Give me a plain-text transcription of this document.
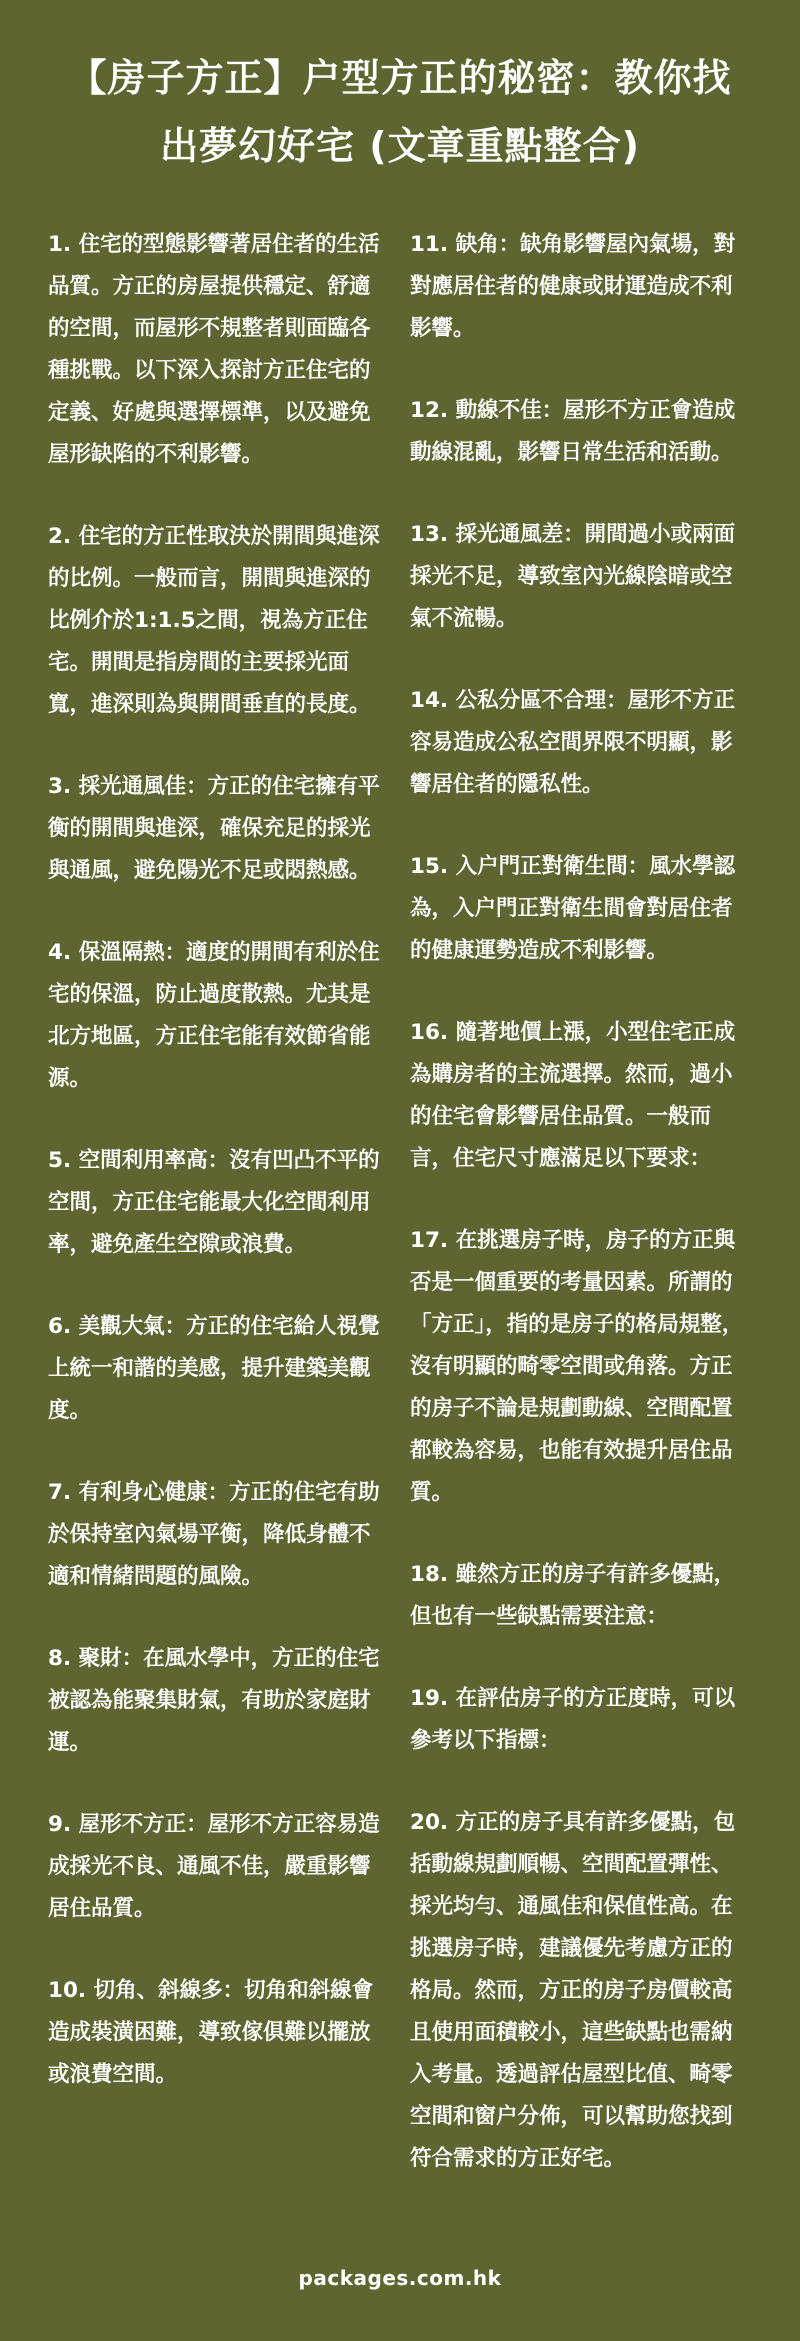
【房子方正】户型方正的秘密：教你找出夢幻好宅 (文章重點整合)

1. 住宅的型態影響著居住者的生活品質。方正的房屋提供穩定、舒適的空間，而屋形不規整者則面臨各種挑戰。以下深入探討方正住宅的定義、好處與選擇標準，以及避免屋形缺陷的不利影響。

2. 住宅的方正性取決於開間與進深的比例。一般而言，開間與進深的比例介於1:1.5之間，視為方正住宅。開間是指房間的主要採光面寬，進深則為與開間垂直的長度。

3. 採光通風佳：方正的住宅擁有平衡的開間與進深，確保充足的採光與通風，避免陽光不足或悶熱感。

4. 保溫隔熱：適度的開間有利於住宅的保溫，防止過度散熱。尤其是北方地區，方正住宅能有效節省能源。

5. 空間利用率高：沒有凹凸不平的空間，方正住宅能最大化空間利用率，避免產生空隙或浪費。

6. 美觀大氣：方正的住宅給人視覺上統一和諧的美感，提升建築美觀度。

7. 有利身心健康：方正的住宅有助於保持室內氣場平衡，降低身體不適和情緒問題的風險。

8. 聚財：在風水學中，方正的住宅被認為能聚集財氣，有助於家庭財運。

9. 屋形不方正：屋形不方正容易造成採光不良、通風不佳，嚴重影響居住品質。

10. 切角、斜線多：切角和斜線會造成裝潢困難，導致傢俱難以擺放或浪費空間。

11. 缺角：缺角影響屋內氣場，對對應居住者的健康或財運造成不利影響。

12. 動線不佳：屋形不方正會造成動線混亂，影響日常生活和活動。

13. 採光通風差：開間過小或兩面採光不足，導致室內光線陰暗或空氣不流暢。

14. 公私分區不合理：屋形不方正容易造成公私空間界限不明顯，影響居住者的隱私性。

15. 入户門正對衛生間：風水學認為，入户門正對衛生間會對居住者的健康運勢造成不利影響。

16. 隨著地價上漲，小型住宅正成為購房者的主流選擇。然而，過小的住宅會影響居住品質。一般而言，住宅尺寸應滿足以下要求：

17. 在挑選房子時，房子的方正與否是一個重要的考量因素。所謂的「方正」，指的是房子的格局規整，沒有明顯的畸零空間或角落。方正的房子不論是規劃動線、空間配置都較為容易，也能有效提升居住品質。

18. 雖然方正的房子有許多優點，但也有一些缺點需要注意：

19. 在評估房子的方正度時，可以參考以下指標：

20. 方正的房子具有許多優點，包括動線規劃順暢、空間配置彈性、採光均勻、通風佳和保值性高。在挑選房子時，建議優先考慮方正的格局。然而，方正的房子房價較高且使用面積較小，這些缺點也需納入考量。透過評估屋型比值、畸零空間和窗户分佈，可以幫助您找到符合需求的方正好宅。

packages.com.hk
